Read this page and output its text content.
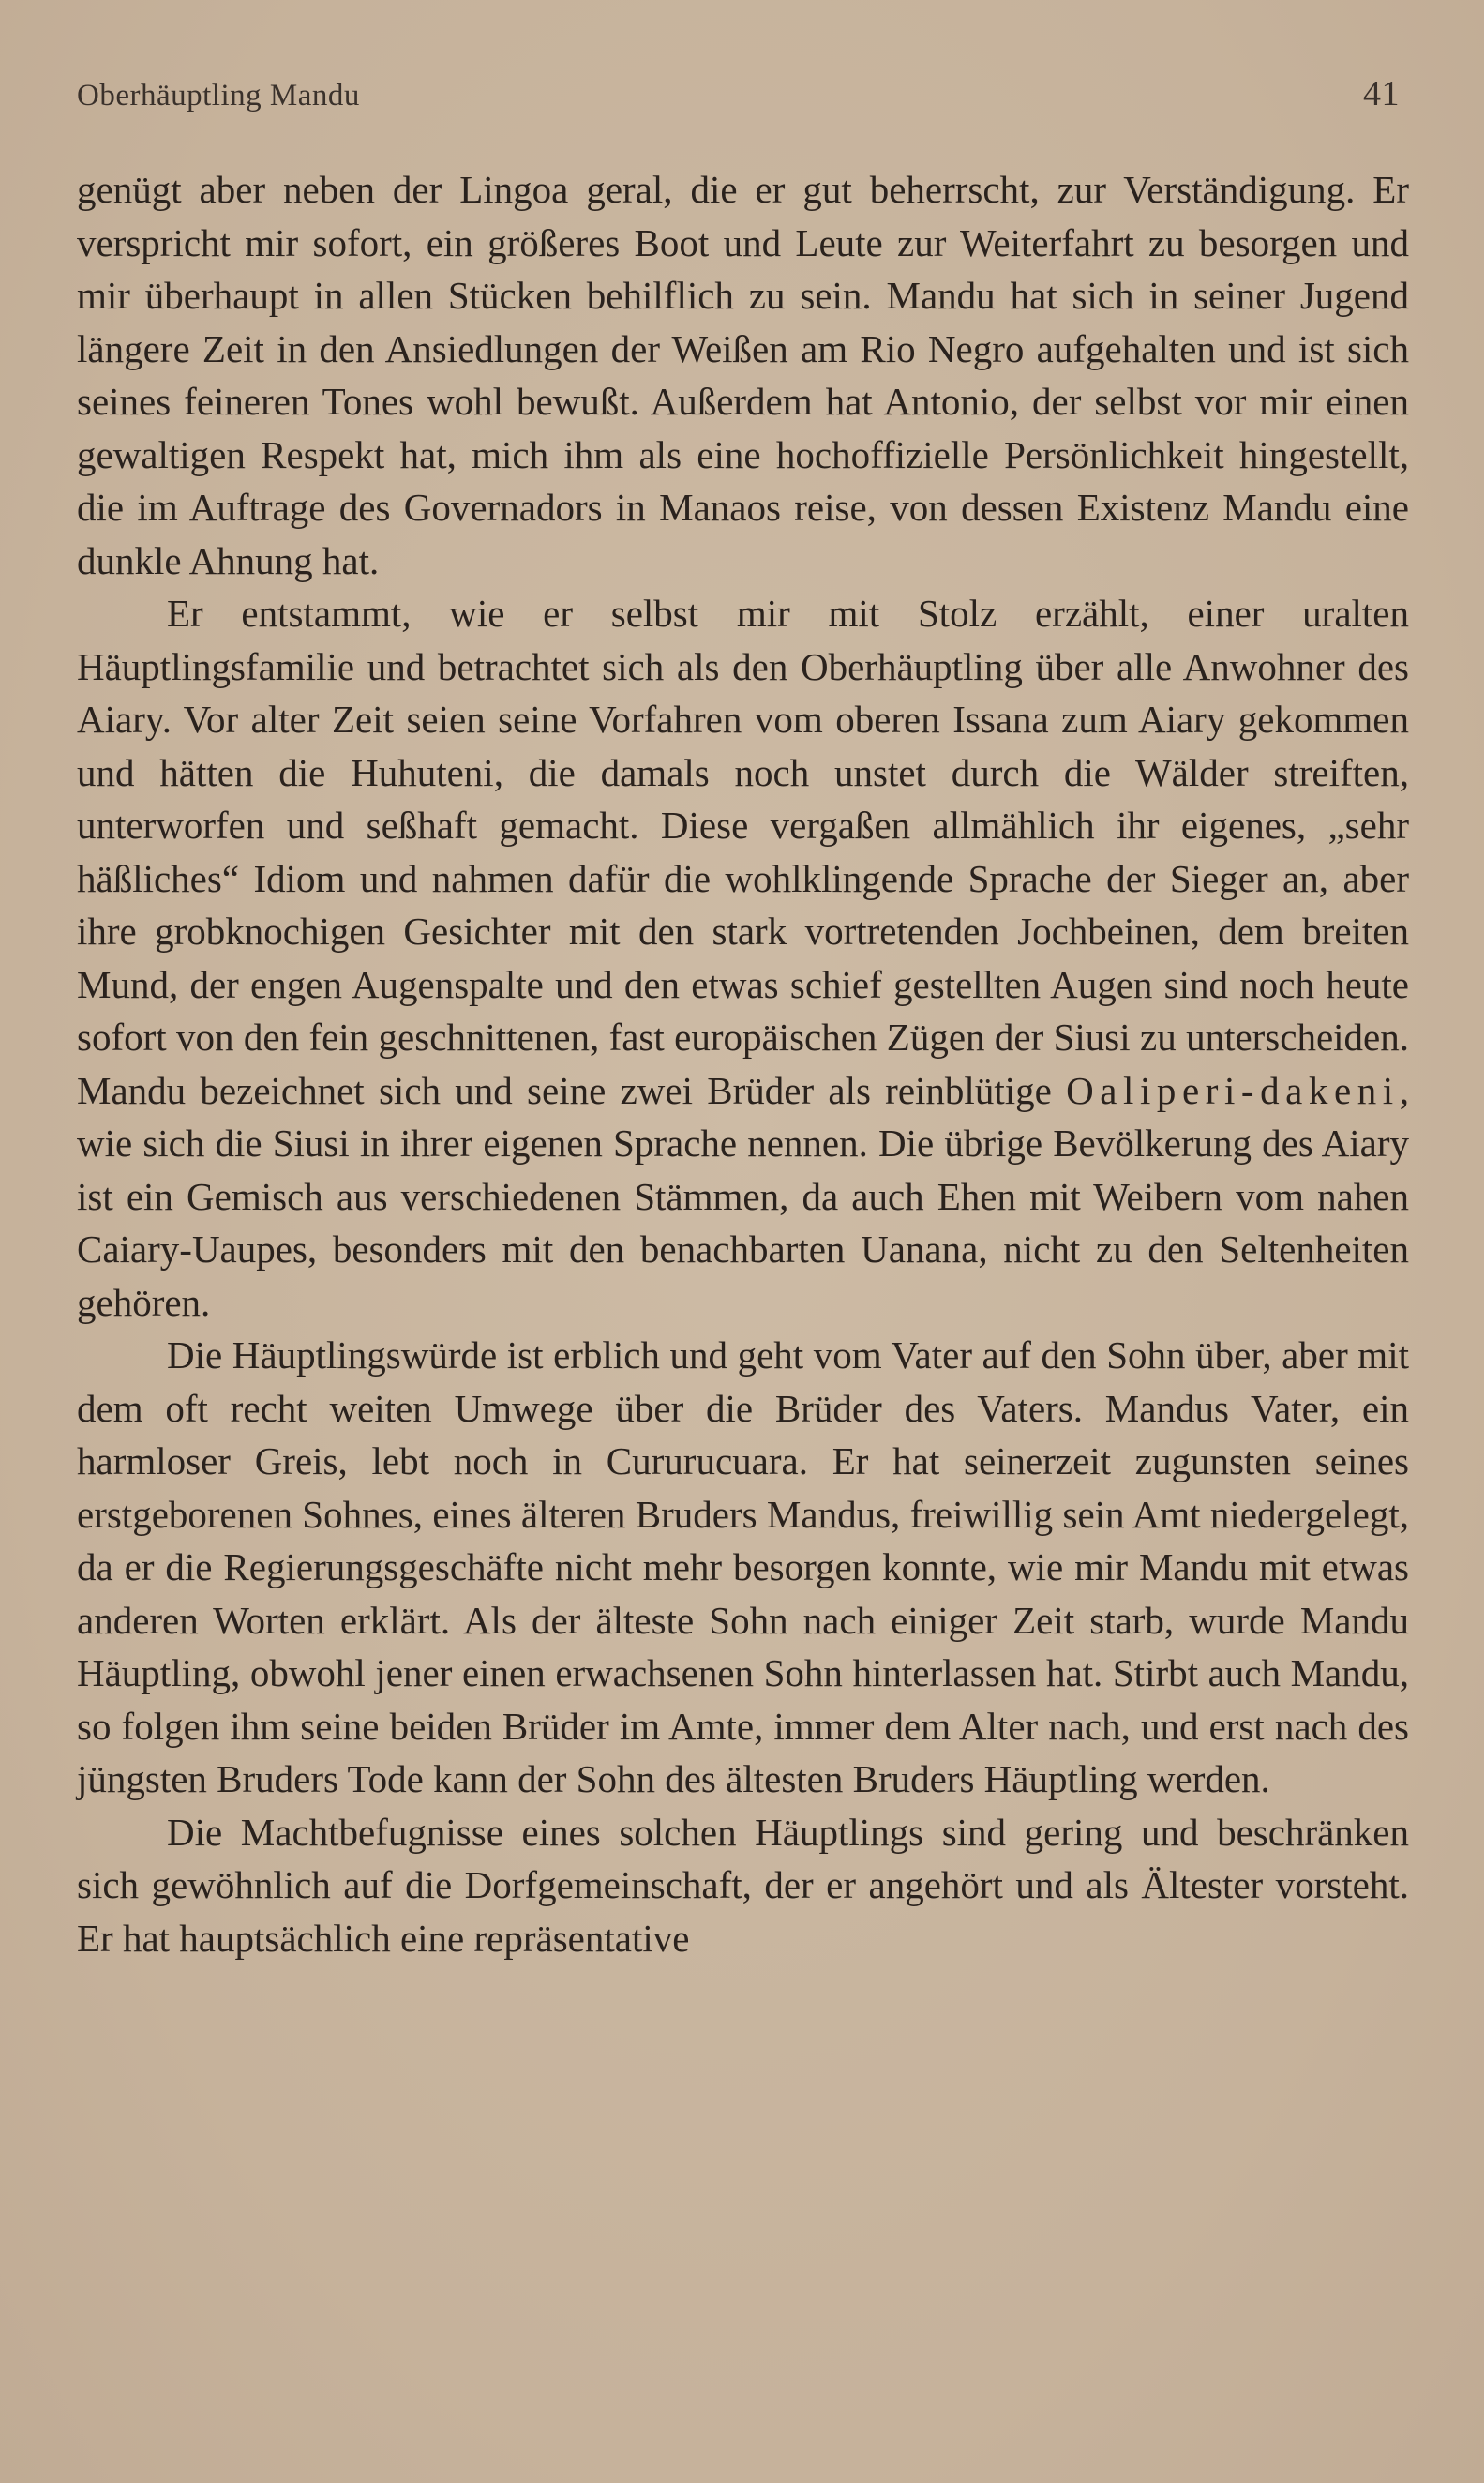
Oberhäuptling Mandu	41

genügt aber neben der Lingoa geral, die er gut beherrscht, zur Verständigung. Er verspricht mir sofort, ein größeres Boot und Leute zur Weiterfahrt zu besorgen und mir überhaupt in allen Stücken behilflich zu sein. Mandu hat sich in seiner Jugend längere Zeit in den Ansiedlungen der Weißen am Rio Negro aufgehalten und ist sich seines feineren Tones wohl bewußt. Außerdem hat Antonio, der selbst vor mir einen gewaltigen Respekt hat, mich ihm als eine hochoffizielle Persönlichkeit hingestellt, die im Auftrage des Governadors in Manaos reise, von dessen Existenz Mandu eine dunkle Ahnung hat.

Er entstammt, wie er selbst mir mit Stolz erzählt, einer uralten Häuptlingsfamilie und betrachtet sich als den Oberhäuptling über alle Anwohner des Aiary. Vor alter Zeit seien seine Vorfahren vom oberen Issana zum Aiary gekommen und hätten die Huhuteni, die damals noch unstet durch die Wälder streiften, unterworfen und seßhaft gemacht. Diese vergaßen allmählich ihr eigenes, „sehr häßliches“ Idiom und nahmen dafür die wohlklingende Sprache der Sieger an, aber ihre grobknochigen Gesichter mit den stark vortretenden Jochbeinen, dem breiten Mund, der engen Augenspalte und den etwas schief gestellten Augen sind noch heute sofort von den fein geschnittenen, fast europäischen Zügen der Siusi zu unterscheiden. Mandu bezeichnet sich und seine zwei Brüder als reinblütige Oaliperi-dakeni, wie sich die Siusi in ihrer eigenen Sprache nennen. Die übrige Bevölkerung des Aiary ist ein Gemisch aus verschiedenen Stämmen, da auch Ehen mit Weibern vom nahen Caiary-Uaupes, besonders mit den benachbarten Uanana, nicht zu den Seltenheiten gehören.

Die Häuptlingswürde ist erblich und geht vom Vater auf den Sohn über, aber mit dem oft recht weiten Umwege über die Brüder des Vaters. Mandus Vater, ein harmloser Greis, lebt noch in Cururucuara. Er hat seinerzeit zugunsten seines erstgeborenen Sohnes, eines älteren Bruders Mandus, freiwillig sein Amt niedergelegt, da er die Regierungsgeschäfte nicht mehr besorgen konnte, wie mir Mandu mit etwas anderen Worten erklärt. Als der älteste Sohn nach einiger Zeit starb, wurde Mandu Häuptling, obwohl jener einen erwachsenen Sohn hinterlassen hat. Stirbt auch Mandu, so folgen ihm seine beiden Brüder im Amte, immer dem Alter nach, und erst nach des jüngsten Bruders Tode kann der Sohn des ältesten Bruders Häuptling werden.

Die Machtbefugnisse eines solchen Häuptlings sind gering und beschränken sich gewöhnlich auf die Dorfgemeinschaft, der er angehört und als Ältester vorsteht. Er hat hauptsächlich eine repräsentative
